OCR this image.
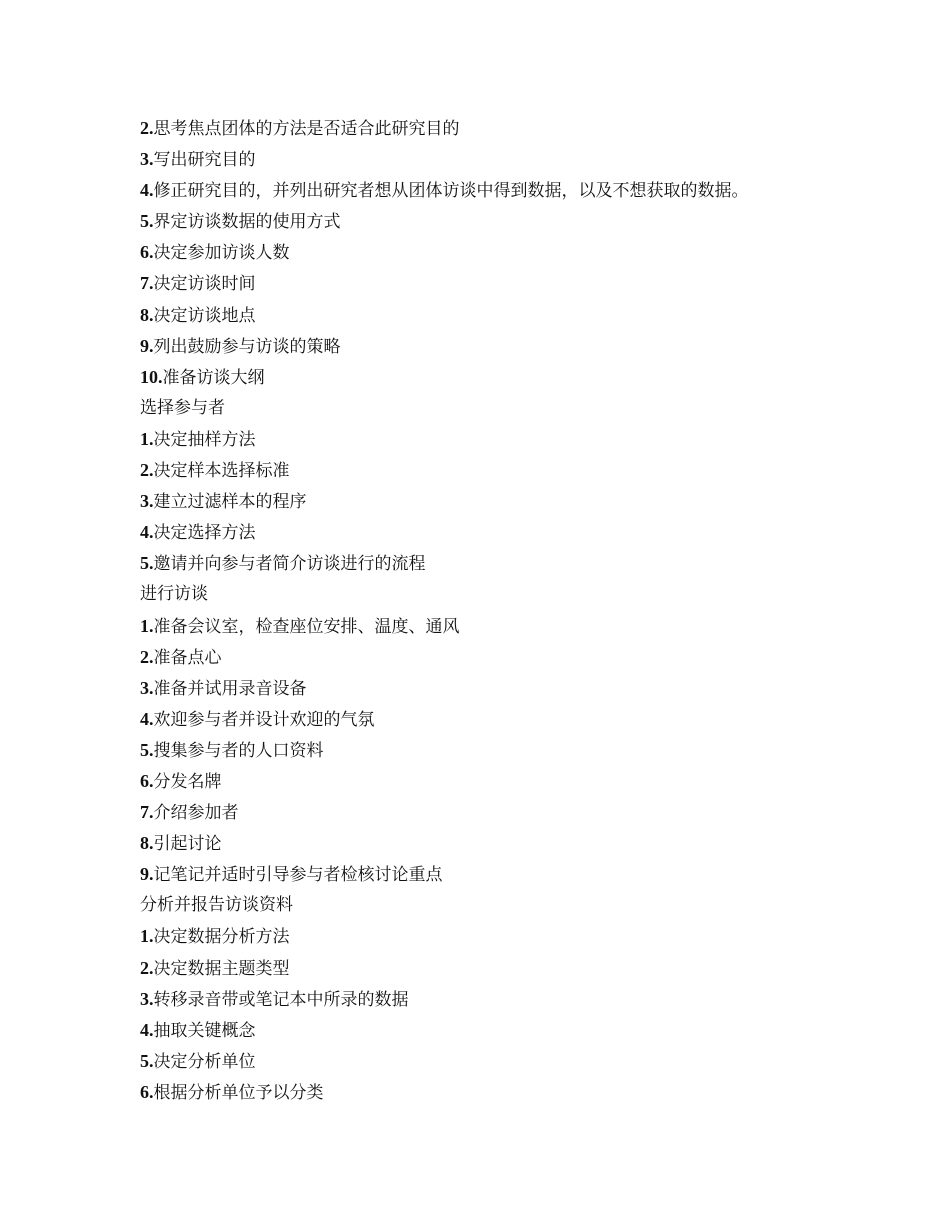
2.思考焦点团体的方法是否适合此研究目的
3.写出研究目的
4.修正研究目的，并列出研究者想从团体访谈中得到数据，以及不想获取的数据。
5.界定访谈数据的使用方式
6.决定参加访谈人数
7.决定访谈时间
8.决定访谈地点
9.列出鼓励参与访谈的策略
10.准备访谈大纲
选择参与者
1.决定抽样方法
2.决定样本选择标准
3.建立过滤样本的程序
4.决定选择方法
5.邀请并向参与者简介访谈进行的流程
进行访谈
1.准备会议室，检查座位安排、温度、通风
2.准备点心
3.准备并试用录音设备
4.欢迎参与者并设计欢迎的气氛
5.搜集参与者的人口资料
6.分发名牌
7.介绍参加者
8.引起讨论
9.记笔记并适时引导参与者检核讨论重点
分析并报告访谈资料
1.决定数据分析方法
2.决定数据主题类型
3.转移录音带或笔记本中所录的数据
4.抽取关键概念
5.决定分析单位
6.根据分析单位予以分类
